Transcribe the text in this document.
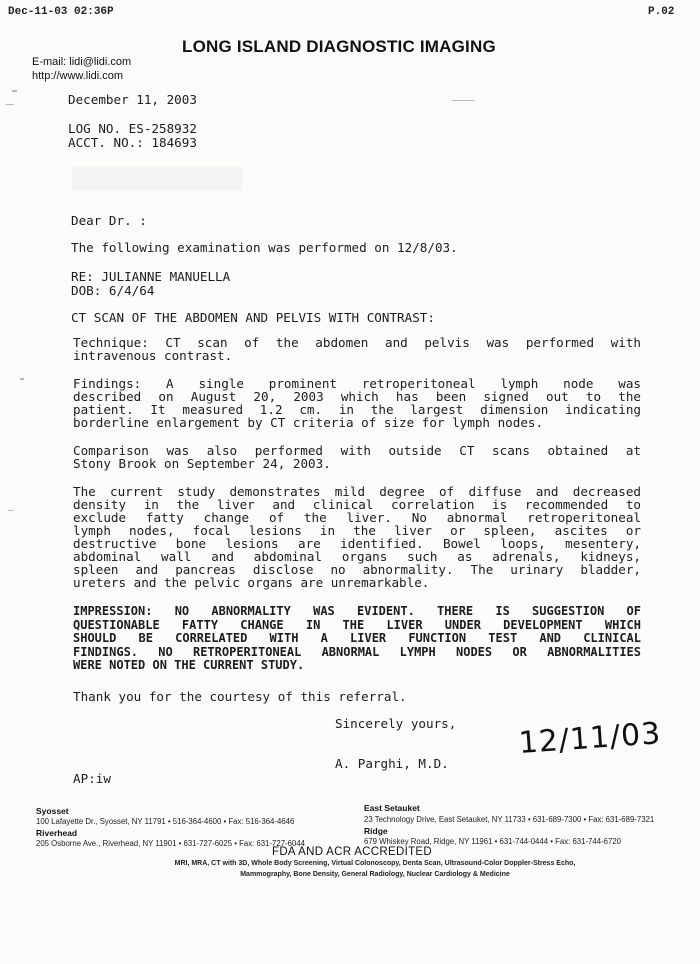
Dec-11-03 02:36P	P.02
LONG ISLAND DIAGNOSTIC IMAGING
E-mail: lidi@lidi.com
http://www.lidi.com
December 11, 2003
LOG NO. ES-258932
ACCT. NO.: 184693
Dear Dr. :
The following examination was performed on 12/8/03.
RE: JULIANNE MANUELLA
DOB: 6/4/64
CT SCAN OF THE ABDOMEN AND PELVIS WITH CONTRAST:
Technique: CT scan of the abdomen and pelvis was performed with
intravenous contrast.
Findings: A single prominent retroperitoneal lymph node was
described on August 20, 2003 which has been signed out to the
patient. It measured 1.2 cm. in the largest dimension indicating
borderline enlargement by CT criteria of size for lymph nodes.
Comparison was also performed with outside CT scans obtained at
Stony Brook on September 24, 2003.
The current study demonstrates mild degree of diffuse and decreased
density in the liver and clinical correlation is recommended to
exclude fatty change of the liver. No abnormal retroperitoneal
lymph nodes, focal lesions in the liver or spleen, ascites or
destructive bone lesions are identified. Bowel loops, mesentery,
abdominal wall and abdominal organs such as adrenals, kidneys,
spleen and pancreas disclose no abnormality. The urinary bladder,
ureters and the pelvic organs are unremarkable.
IMPRESSION: NO ABNORMALITY WAS EVIDENT. THERE IS SUGGESTION OF
QUESTIONABLE FATTY CHANGE IN THE LIVER UNDER DEVELOPMENT WHICH
SHOULD BE CORRELATED WITH A LIVER FUNCTION TEST AND CLINICAL
FINDINGS. NO RETROPERITONEAL ABNORMAL LYMPH NODES OR ABNORMALITIES
WERE NOTED ON THE CURRENT STUDY.
Thank you for the courtesy of this referral.
Sincerely yours, 12/11/03
A. Parghi, M.D.
AP:iw
Syosset
100 Lafayette Dr., Syosset, NY 11791 • 516-364-4600 • Fax: 516-364-4646
Riverhead
205 Osborne Ave., Riverhead, NY 11901 • 631-727-6025 • Fax: 631-727-6044
East Setauket
23 Technology Drive, East Setauket, NY 11733 • 631-689-7300 • Fax: 631-689-7321
Ridge
679 Whiskey Road, Ridge, NY 11961 • 631-744-0444 • Fax: 631-744-6720
FDA AND ACR ACCREDITED
MRI, MRA, CT with 3D, Whole Body Screening, Virtual Colonoscopy, Denta Scan, Ultrasound-Color Doppler-Stress Echo,
Mammography, Bone Density, General Radiology, Nuclear Cardiology & Medicine
